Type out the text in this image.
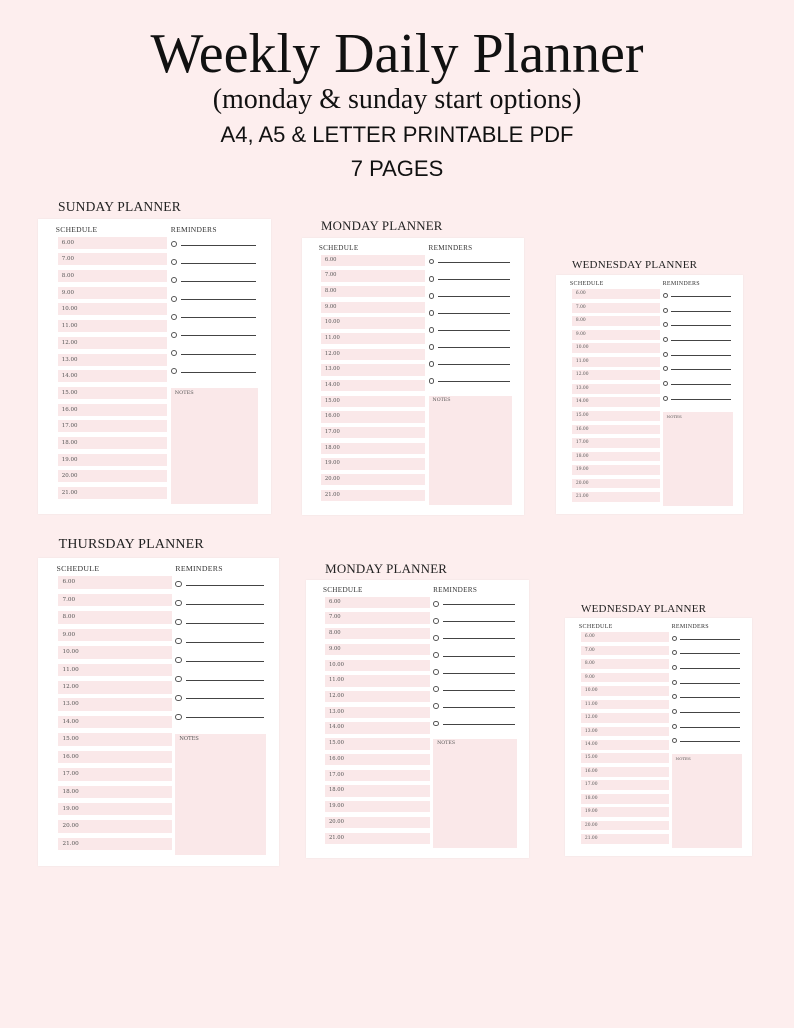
Weekly Daily Planner
(monday & sunday start options)
A4, A5 & LETTER PRINTABLE PDF
7 PAGES
SUNDAY PLANNER
SCHEDULE	REMINDERS
6.00
7.00
8.00
9.00
10.00
11.00
12.00
13.00
14.00
15.00
16.00
17.00
18.00
19.00
20.00
21.00
NOTES
MONDAY PLANNER
SCHEDULE	REMINDERS
6.00
7.00
8.00
9.00
10.00
11.00
12.00
13.00
14.00
15.00
16.00
17.00
18.00
19.00
20.00
21.00
NOTES
WEDNESDAY PLANNER
SCHEDULE	REMINDERS
6.00
7.00
8.00
9.00
10.00
11.00
12.00
13.00
14.00
15.00
16.00
17.00
18.00
19.00
20.00
21.00
NOTES
THURSDAY PLANNER
SCHEDULE	REMINDERS
6.00
7.00
8.00
9.00
10.00
11.00
12.00
13.00
14.00
15.00
16.00
17.00
18.00
19.00
20.00
21.00
NOTES
MONDAY PLANNER
SCHEDULE	REMINDERS
6.00
7.00
8.00
9.00
10.00
11.00
12.00
13.00
14.00
15.00
16.00
17.00
18.00
19.00
20.00
21.00
NOTES
WEDNESDAY PLANNER
SCHEDULE	REMINDERS
6.00
7.00
8.00
9.00
10.00
11.00
12.00
13.00
14.00
15.00
16.00
17.00
18.00
19.00
20.00
21.00
NOTES
